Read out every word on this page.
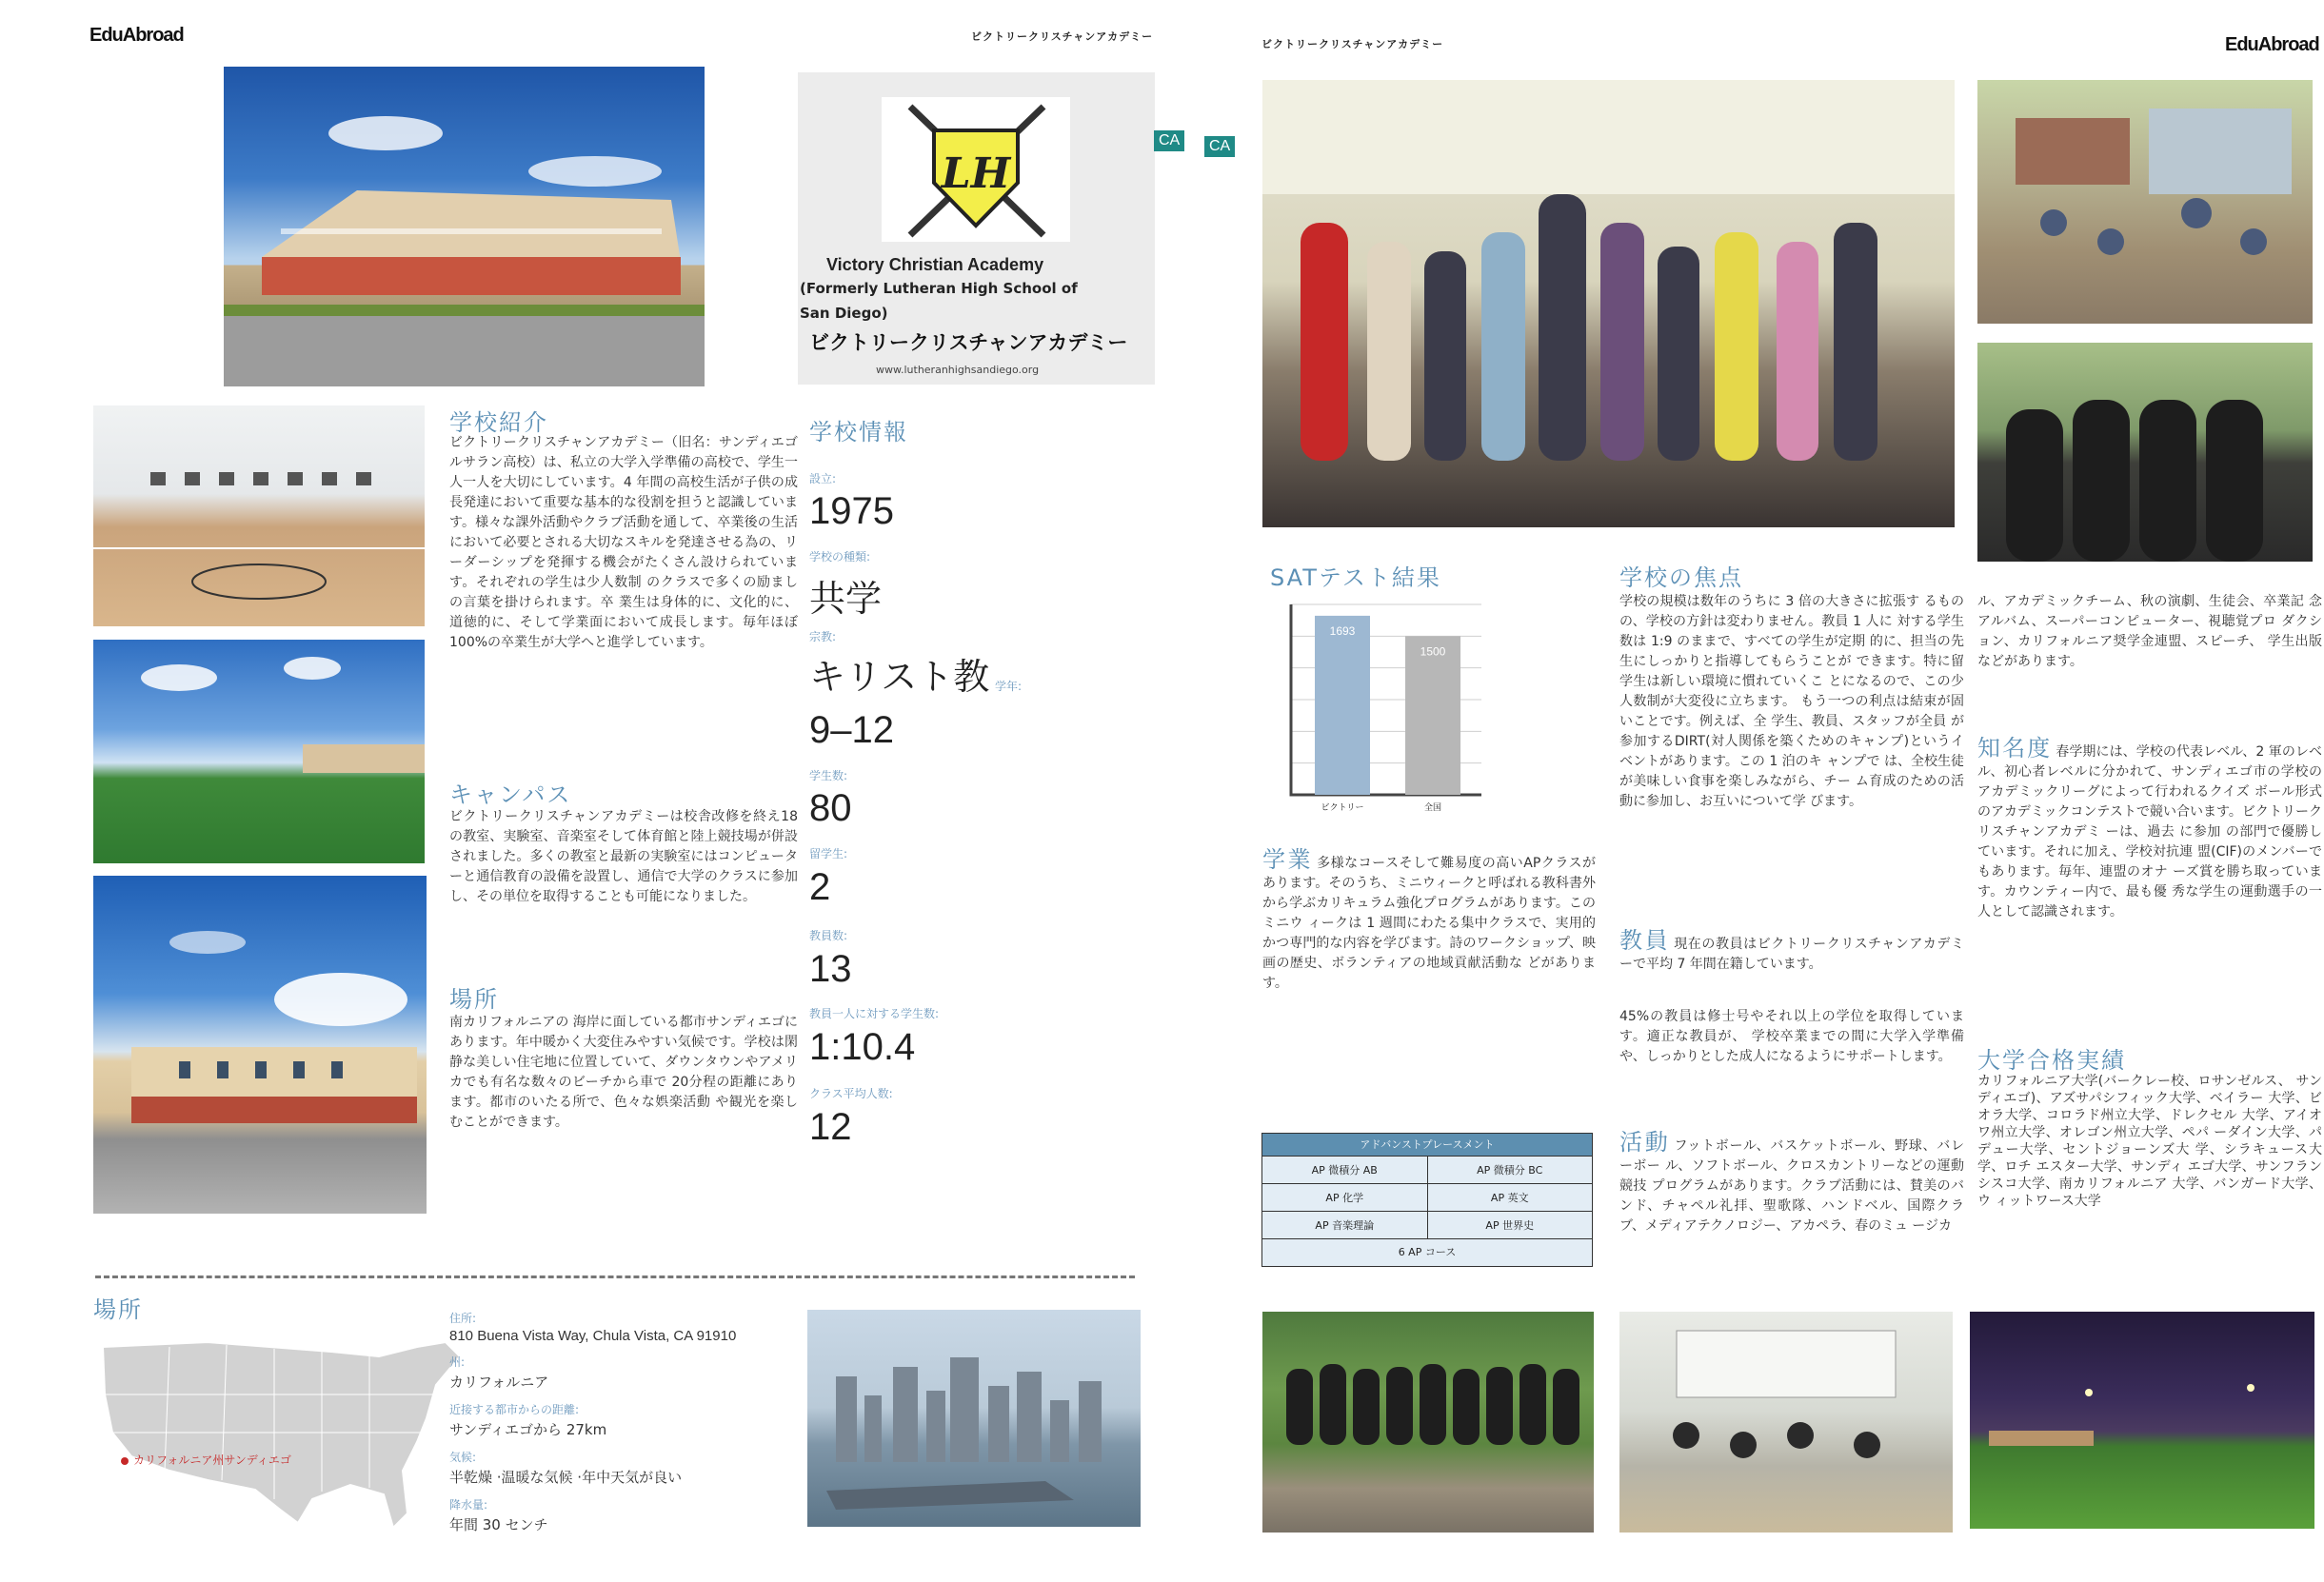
EduAbroad	ビクトリークリスチャンアカデミー
ビクトリークリスチャンアカデミー	EduAbroad
LH
Victory Christian Academy
(Formerly Lutheran High School of
San Diego)
ビクトリークリスチャンアカデミー
www.lutheranhighsandiego.org
CA	CA
学校紹介
ビクトリークリスチャンアカデミー（旧名：サンディエゴルサラン高校）は、私立の大学入学準備の高校で、学生一人一人を大切にしています。4 年間の高校生活が子供の成長発達において重要な基本的な役割を担うと認識しています。様々な課外活動やクラブ活動を通して、卒業後の生活において必要とされる大切なスキルを発達させる為の、リーダーシップを発揮する機会がたくさん設けられています。それぞれの学生は少人数制 のクラスで多くの励ましの言葉を掛けられます。卒 業生は身体的に、文化的に、道徳的に、そして学業面において成長します。毎年ほぼ100%の卒業生が大学へと進学しています。
キャンパス
ビクトリークリスチャンアカデミーは校舎改修を終え18の教室、実験室、音楽室そして体育館と陸上競技場が併設されました。多くの教室と最新の実験室にはコンピュータ ーと通信教育の設備を設置し、通信で大学のクラスに参加し、その単位を取得することも可能になりました。
場所
南カリフォルニアの 海岸に面している都市サンディエゴにあります。年中暖かく大変住みやすい気候です。学校は閑静な美しい住宅地に位置していて、ダウンタウンやアメリカでも有名な数々のビーチから車で 20分程の距離にあります。都市のいたる所で、色々な娯楽活動 や観光を楽しむことができます。
学校情報
設立:
1975
学校の種類:
共学
宗教:
キリスト教 学年:
9–12
学生数:
80
留学生:
2
教員数:
13
教員一人に対する学生数:
1:10.4
クラス平均人数:
12
場所
カリフォルニア州サンディエゴ
住所:
810 Buena Vista Way, Chula Vista, CA 91910
州:
カリフォルニア
近接する都市からの距離:
サンディエゴから 27km
気候:
半乾燥 ·温暖な気候 ·年中天気が良い
降水量:
年間 30 センチ
SATテスト結果
1693
ビクトリー
1500
全国
学業 多様なコースそして難易度の高いAPクラスがあります。そのうち、ミニウィークと呼ばれる教科書外から学ぶカリキュラム強化プログラムがあります。このミニウ ィークは 1 週間にわたる集中クラスで、実用的かつ専門的な内容を学びます。詩のワークショップ、映画の歴史、ボランティアの地域貢献活動な どがあります。
アドバンストプレースメント
AP 微積分 AB	AP 微積分 BC
AP 化学	AP 英文
AP 音楽理論	AP 世界史
6 AP コース
学校の焦点
学校の規模は数年のうちに 3 倍の大きさに拡張す るものの、学校の方針は変わりません。教員 1 人に 対する学生数は 1:9 のままで、すべての学生が定期 的に、担当の先生にしっかりと指導してもらうことが できます。特に留学生は新しい環境に慣れていくこ とになるので、この少人数制が大変役に立ちます。 もう一つの利点は結束が固いことです。例えば、全 学生、教員、スタッフが全員 が参加するDIRT(対人関係を築くためのキャンプ)というイベントがあります。この 1 泊のキ ャンプで は、全校生徒が美味しい食事を楽しみながら、チー ム育成のための活動に参加し、お互いについて学 びます。
教員 現在の教員はビクトリークリスチャンアカデミーで平均 7 年間在籍しています。
45%の教員は修士号やそれ以上の学位を取得しています。適正な教員が、 学校卒業までの間に大学入学準備や、しっかりとした成人になるようにサポートします。
活動 フットボール、バスケットボール、野球、バレ ーボー ル、ソフトボール、クロスカントリーなどの運動競技 プログラムがあります。クラブ活動には、賛美のバ ンド、チャペル礼拝、聖歌隊、ハンドベル、国際クラ ブ、メディアテクノロジー、アカペラ、春のミュ ージカ
ル、アカデミックチーム、秋の演劇、生徒会、卒業記 念アルバム、スーパーコンピューター、視聴覚プロ ダクション、カリフォルニア奨学金連盟、スピーチ、 学生出版などがあります。
知名度 春学期には、学校の代表レベル、2 軍のレベル、初心者レベルに分かれて、サンディエゴ市の学校の アカデミックリーグによって行われるクイズ ボール形式のアカデミックコンテストで競い合います。ビクトリークリスチャンアカデミ ーは、過去 に参加 の部門で優勝しています。それに加え、学校対抗連 盟(CIF)のメンバーでもあります。毎年、連盟のオナ ーズ賞を勝ち取っています。カウンティー内で、最も優 秀な学生の運動選手の一人として認識されます。
大学合格実績
カリフォルニア大学(バークレー校、ロサンゼルス、 サンディエゴ)、アズサパシフィック大学、ベイラー 大学、ビオラ大学、コロラド州立大学、ドレクセル 大学、アイオワ州立大学、オレゴン州立大学、ペパ ーダイン大学、パデュー大学、セントジョーンズ大 学、シラキュース大学、ロチ エスター大学、サンディ エゴ大学、サンフランシスコ大学、南カリフォルニア 大学、バンガード大学、ウ ィットワース大学
